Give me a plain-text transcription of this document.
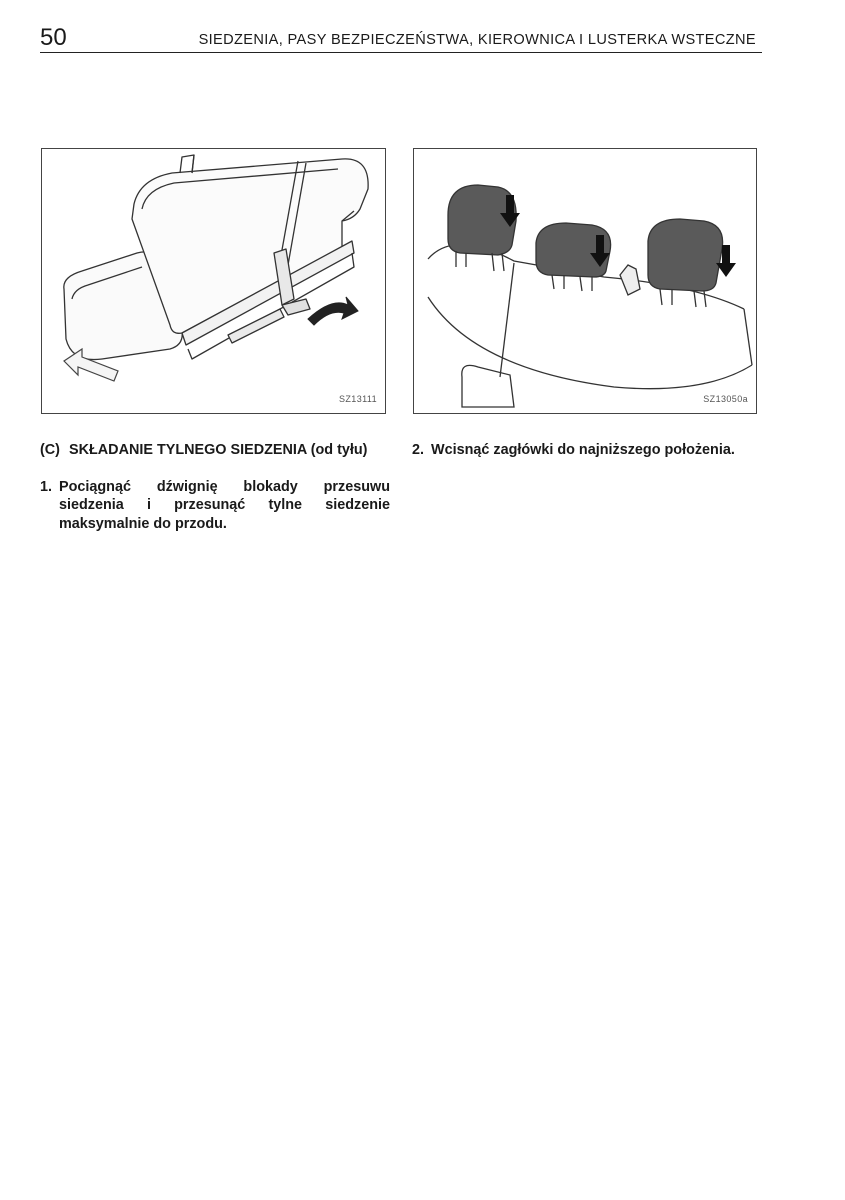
50	SIEDZENIA, PASY BEZPIECZEŃSTWA, KIEROWNICA I LUSTERKA WSTECZNE
SZ13111	SZ13050a
(C) SKŁADANIE TYLNEGO SIEDZENIA (od tyłu)
1. Pociągnąć dźwignię blokady przesuwu siedzenia i przesunąć tylne siedzenie maksymalnie do przodu.
2. Wcisnąć zagłówki do najniższego położenia.
